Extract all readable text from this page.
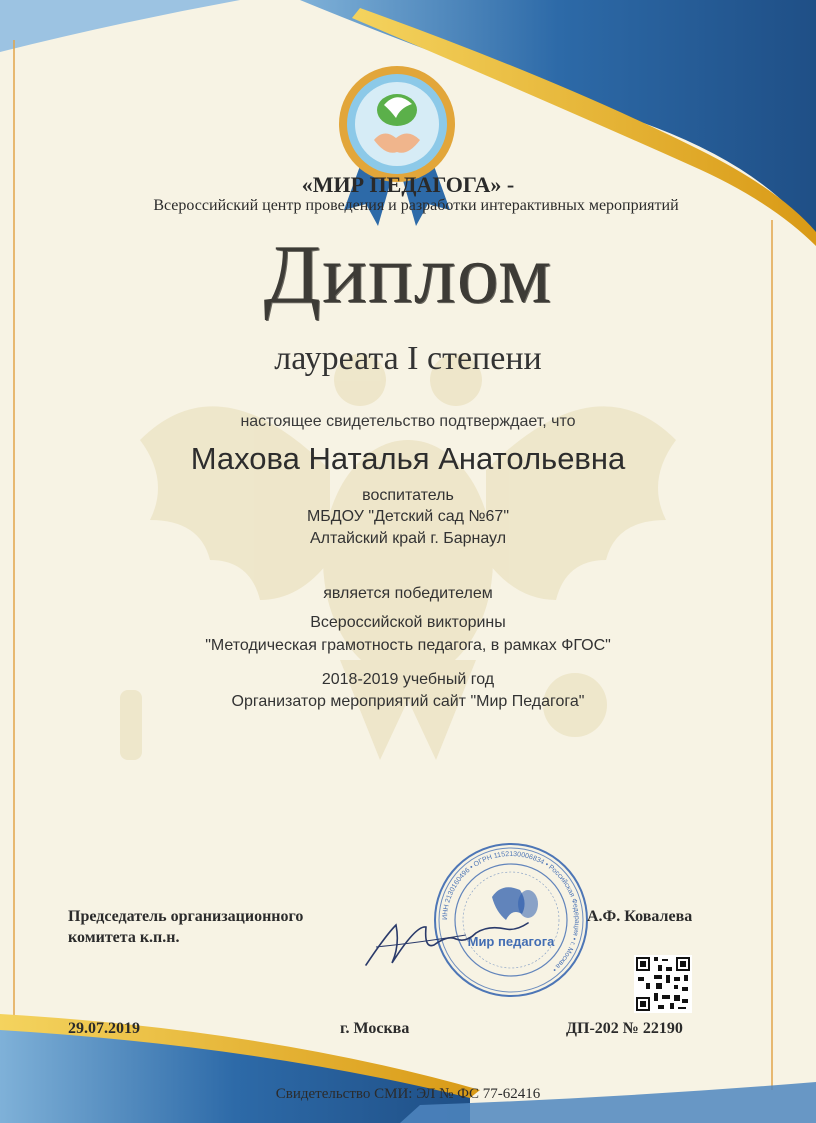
«МИР ПЕДАГОГА» -
Всероссийский центр проведения и разработки интерактивных мероприятий
Диплом
лауреата I степени
настоящее свидетельство подтверждает, что
Махова Наталья Анатольевна
воспитатель
МБДОУ "Детский сад №67"
Алтайский край г. Барнаул
является победителем
Всероссийской викторины
"Методическая грамотность педагога, в рамках ФГОС"
2018-2019 учебный год
Организатор мероприятий сайт "Мир Педагога"
ИНН 2130160496 • ОГРН 1152130006834 • Российская Федерация • г. Москва •
Мир педагога
Председатель организационного
комитета к.п.н.
А.Ф. Ковалева
29.07.2019	г. Москва	ДП-202 № 22190
Свидетельство СМИ: ЭЛ № ФС 77-62416
